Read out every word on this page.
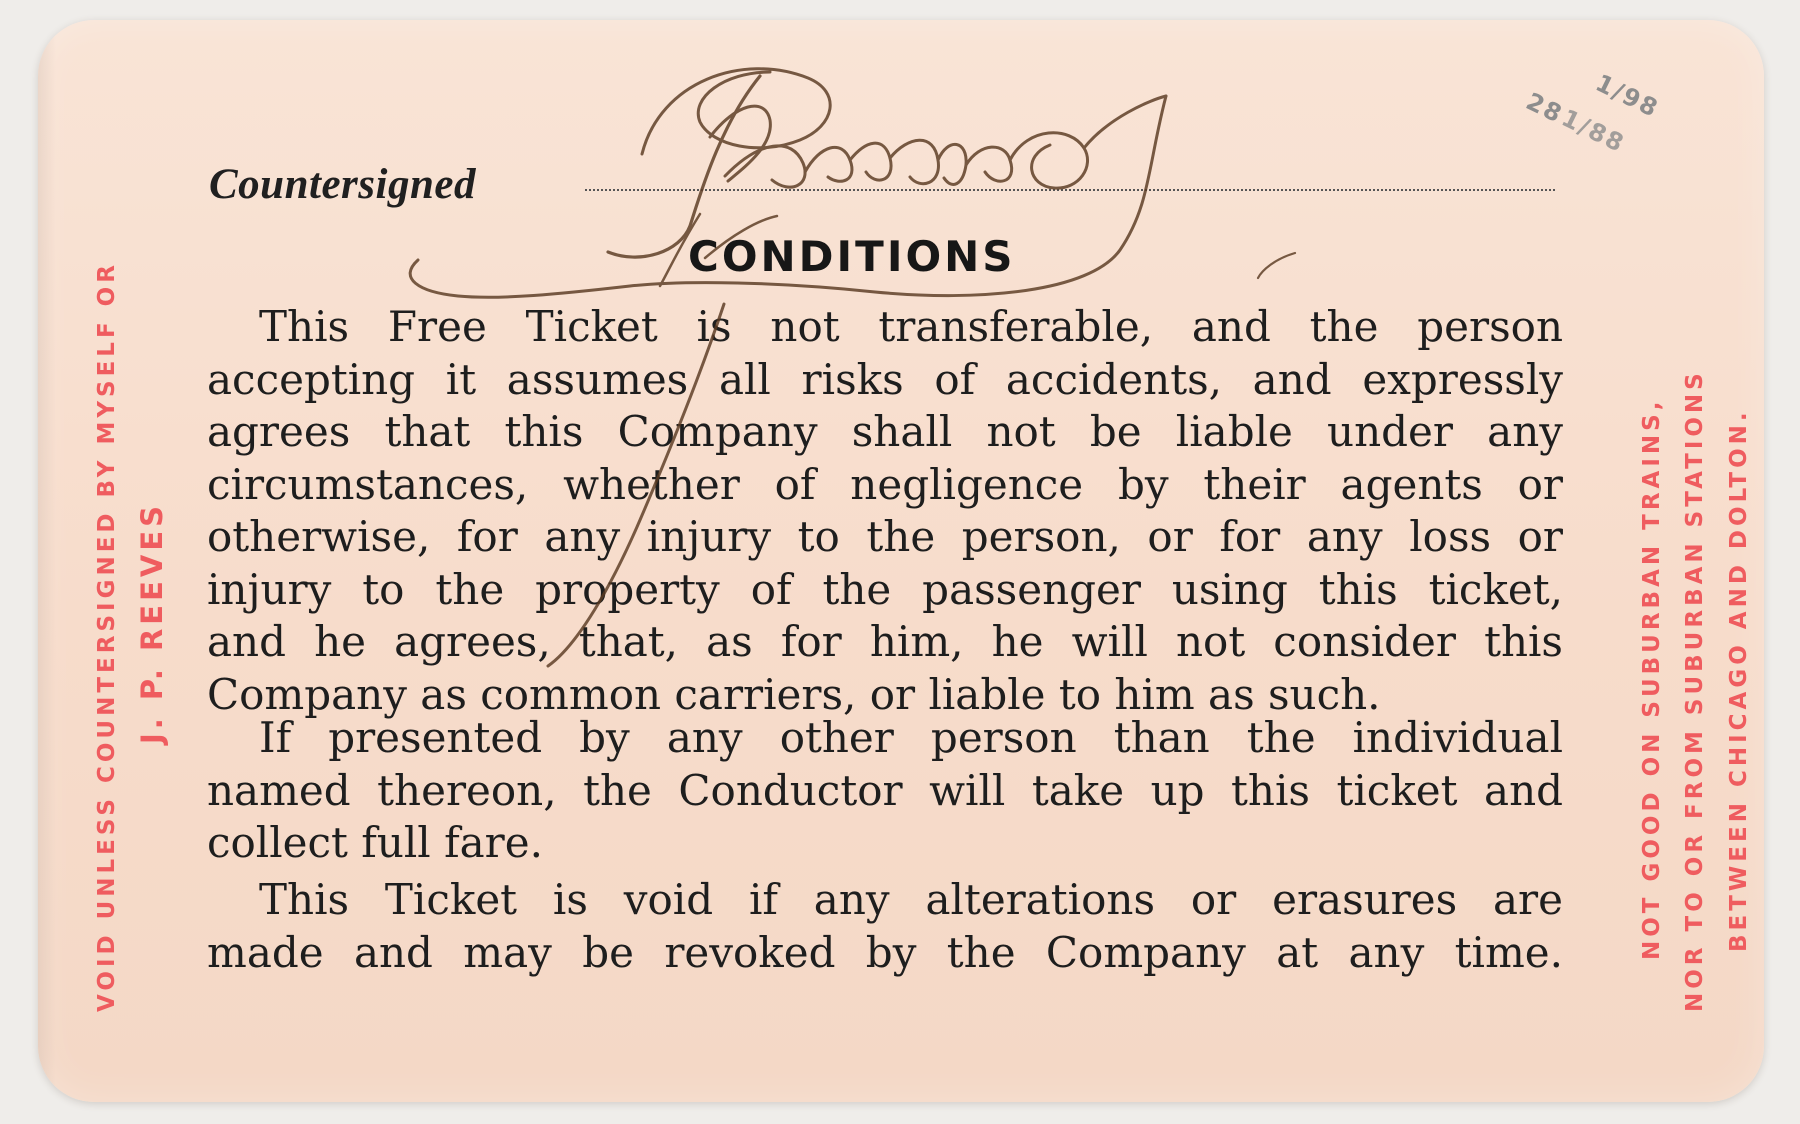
VOID UNLESS COUNTERSIGNED BY MYSELF OR J. P. REEVES	NOT GOOD ON SUBURBAN TRAINS, NOR TO OR FROM SUBURBAN STATIONS BETWEEN CHICAGO AND DOLTON.
28 1/98
1/88
Countersigned
CONDITIONS
This Free Ticket is not transferable, and the person
accepting it assumes all risks of accidents, and expressly
agrees that this Company shall not be liable under any
circumstances, whether of negligence by their agents or
otherwise, for any injury to the person, or for any loss or
injury to the property of the passenger using this ticket,
and he agrees, that, as for him, he will not consider this
Company as common carriers, or liable to him as such.
If presented by any other person than the individual
named thereon, the Conductor will take up this ticket and
collect full fare.
This Ticket is void if any alterations or erasures are
made and may be revoked by the Company at any time.
